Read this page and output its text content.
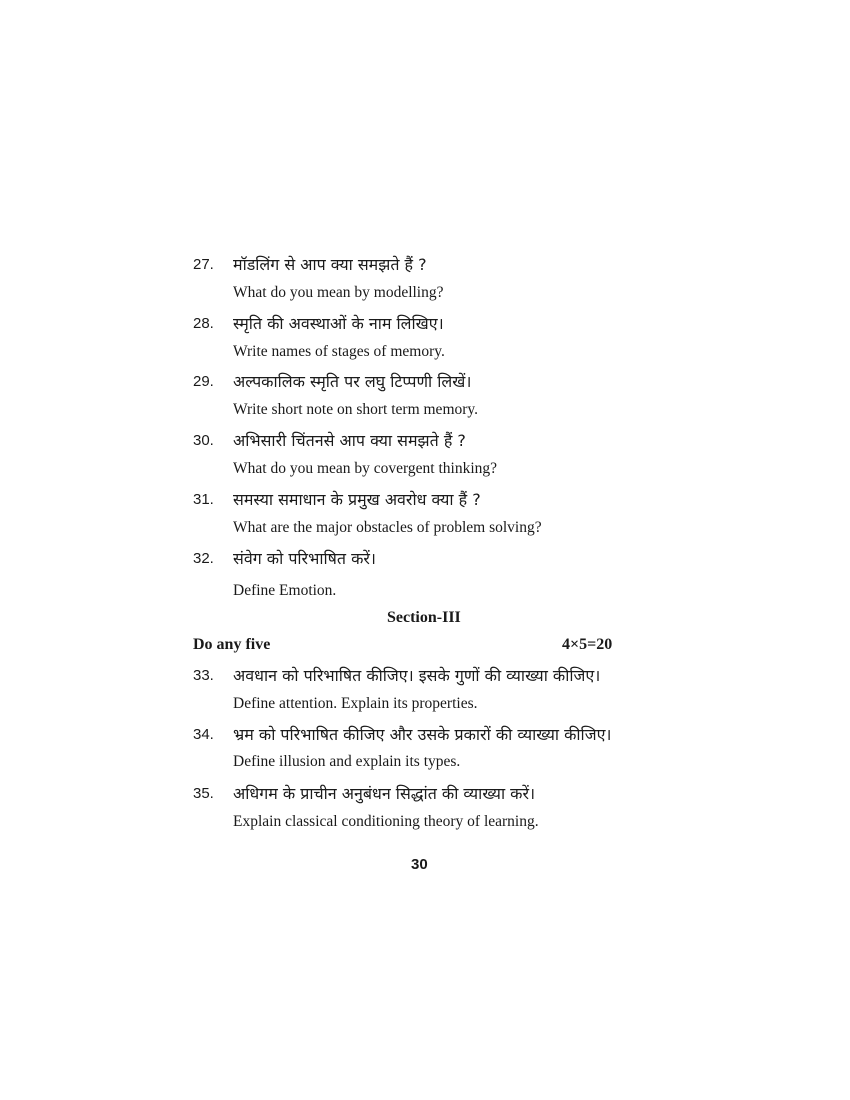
27. मॉडलिंग से आप क्या समझते हैं ?
What do you mean by modelling?
28. स्मृति की अवस्थाओं के नाम लिखिए।
Write names of stages of memory.
29. अल्पकालिक स्मृति पर लघु टिप्पणी लिखें।
Write short note on short term memory.
30. अभिसारी चिंतनसे आप क्या समझते हैं ?
What do you mean by covergent thinking?
31. समस्या समाधान के प्रमुख अवरोध क्या हैं ?
What are the major obstacles of problem solving?
32. संवेग को परिभाषित करें।
Define Emotion.
Section-III
Do any five	4×5=20
33. अवधान को परिभाषित कीजिए। इसके गुणों की व्याख्या कीजिए।
Define attention. Explain its properties.
34. भ्रम को परिभाषित कीजिए और उसके प्रकारों की व्याख्या कीजिए।
Define illusion and explain its types.
35. अधिगम के प्राचीन अनुबंधन सिद्धांत की व्याख्या करें।
Explain classical conditioning theory of learning.
30
